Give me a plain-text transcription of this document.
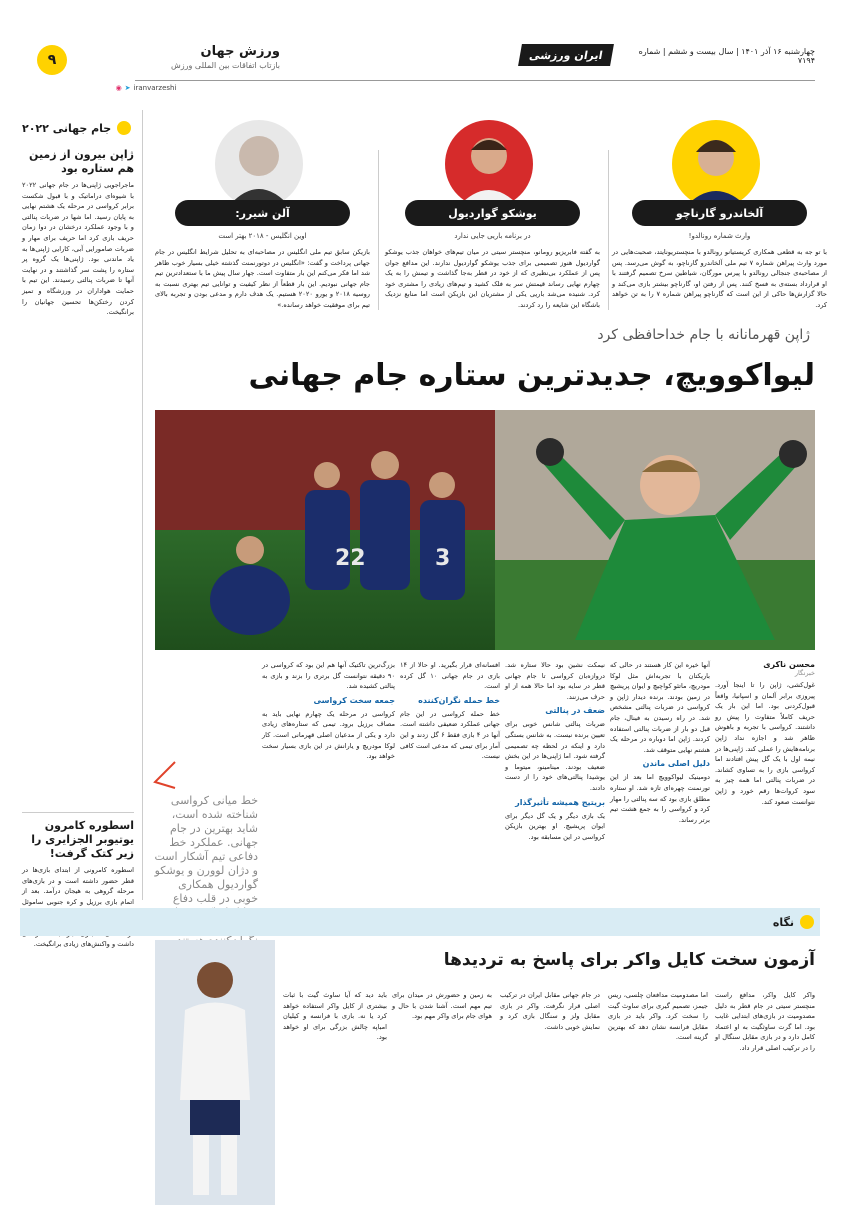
۹
ورزش جهان

بازتاب اتفاقات بین المللی ورزش

ایران ورزشی	چهارشنبه ۱۶ آذر ۱۴۰۱ | سال بیست و ششم | شماره ۷۱۹۴
◉ ➤ iranvarzeshi
آلن شیرر:
اوین انگلیس - ۲۰۱۸ بهتر است
بازیکن سابق تیم ملی انگلیس در مصاحبه‌ای به تحلیل شرایط انگلیس در جام جهانی پرداخت و گفت: «انگلیس در دوتورنمنت گذشته خیلی بسیار خوب ظاهر شد اما فکر می‌کنم این بار متفاوت است. جهار سال پیش ما با ستعدادترین تیم جام جهانی نبودیم. این بار قطعاً از نظر کیفیت و توانایی تیم بهتری نسبت به روسیه ۲۰۱۸ و یورو ۲۰۲۰ هستیم. یک هدف دارم و مدعی بودن و تجربه بالای تیم برای موفقیت خواهد رسانده.»
یوشکو گواردیول
در برنامه باریی جایی ندارد
به گفته فابریزیو رومانو، منچستر سیتی در میان تیم‌های خواهان جذب یوشکو گواردیول هنوز تصمیمی برای جذب یوشکو گواردیول ندارند. این مدافع جوان پس از عملکرد بی‌نظیری که از خود در قطر به‌جا گذاشت و تیمش را به یک چهارم نهایی رساند قیمتش سر به فلک کشید و تیم‌های زیادی را مشتری خود کرد. شنیده می‌شد باریی یکی از مشتریان این بازیکن است اما منابع نزدیک باشگاه این شایعه را رد کردند.
آلخاندرو گارناچو
وارث شماره رونالدو!
با تو جه به قطعی همکاری کریستیانو رونالدو با منچستریونایتد، صحبت‌هایی در مورد وارث پیراهن شماره ۷ تیم ملی آلخاندرو گارناچو، به گوش می‌رسد. پس از مصاحبه‌ی جنجالی رونالدو با پیرس مورگان، شیاطین سرخ تصمیم گرفتند با او قرارداد بسته‌ی به فسخ کنند. پس از رفتن او، گارناچو بیشتر بازی می‌کند و حالا گزارش‌ها حاکی از این است که گارناچو پیراهن شماره ۷ را به تن خواهد کرد.
ژاپن قهرمانانه با جام خداحافظی کرد
لیواکوویچ، جدیدترین ستاره جام جهانی
22	3
جام جهانی ۲۰۲۲
ژاپن بیرون از زمین هم ستاره بود
ماجراجویی ژاپنی‌ها در جام جهانی ۲۰۲۲ با شیوه‌ای دراماتیک و با قبول شکست برابر کرواسی در مرحله یک هشتم نهایی به پایان رسید. اما شها در ضربات پنالتی و با وجود عملکرد درخشان در دوا زمان حریف بازی کرد اما حریف برای مهار و ضربات صامورایی آبی، کارایی ژاپنی‌ها به یاد ماندنی بود. ژاپنی‌ها یک گروه پر ستاره را پشت سر گذاشتند و در نهایت آنها تا ضربات پنالتی رسیدند. این تیم با حمایت هواداران در ورزشگاه و تمیز کردن رختکن‌ها تحسین جهانیان را برانگیخت.
اسطوره کامرون یوتیوبر الجزایری را زیر کتک گرفت!
اسطوره کامرونی از ابتدای بازی‌ها در قطر حضور داشته است و در بازی‌های مرحله گروهی به هیجان درآمد. بعد از اتمام بازی برزیل و کره جنوبی ساموئل داشت و واکنش‌های زیادی برانگیخت.
محسن ناکری
خبرنگار
غول‌کشی، ژاپن را تا اینجا آورد. پیروزی برابر آلمان و اسپانیا، واقعاً قبول‌کردنی بود. اما این بار یک حریف کاملاً متفاوت را پیش رو داشتند. کرواسی با تجربه و باهوش ظاهر شد و اجازه نداد ژاپن برنامه‌هایش را عملی کند. ژاپنی‌ها در نیمه اول با یک گل پیش افتادند اما کرواسی بازی را به تساوی کشاند. در ضربات پنالتی اما همه چیز به سود کروات‌ها رقم خورد و ژاپن نتوانست صعود کند.
آنها خیره این کار هستند در حالی که باریکتان با تجربه‌اش مثل لوکا مودریچ، ماتئو کواچیچ و ایوان پریشیچ در زمین بودند. برنده دیدار ژاپن و کرواسی در ضربات پنالتی مشخص شد. در راه رسیدن به فینال، جام قبل دو بار از ضربات پنالتی استفاده کردند. ژاپن اما دوباره در مرحله یک هشتم نهایی متوقف شد.
دلیل اصلی ماندن
دومینیک لیواکوویچ اما بعد از این تورنمنت چهره‌ای تازه شد. او ستاره مطلق بازی بود که سه پنالتی را مهار کرد و کرواسی را به جمع هشت تیم برتر رساند.
نیمکت نشین بود حالا ستاره شد. دروازه‌بان کرواسی تا جام جهانی قطر در سایه بود اما حالا همه از او حرف می‌زنند.
ضعف در پنالتی
ضربات پنالتی شانس خوبی برای تعیین برنده نیست. به شانس بستگی دارد و اینکه در لحظه چه تصمیمی گرفته شود. اما ژاپنی‌ها در این بخش ضعیف بودند. مینامینو، میتوما و یوشیدا پنالتی‌های خود را از دست دادند.
بریتیج همیشه تأثیرگذار
یک بازی دیگر و یک گل دیگر برای ایوان پریشیچ. او بهترین بازیکن کرواسی در این مسابقه بود.
افسانه‌ای قرار بگیرید. او حالا از ۱۴ بازی در جام جهانی ۱۰ گل کرده است.
خط حمله نگران‌کننده
خط حمله کرواسی در این جام جهانی عملکرد ضعیفی داشته است. آنها در ۴ بازی فقط ۶ گل زدند و این آمار برای تیمی که مدعی است کافی نیست.
بزرگ‌ترین تاکتیک آنها هم این بود که کرواسی در ۹۰ دقیقه نتوانست گل برتری را بزند و بازی به پنالتی کشیده شد.
جمعه سخت کرواسی
کرواسی در مرحله یک چهارم نهایی باید به مصاف برزیل برود. تیمی که ستاره‌های زیادی دارد و یکی از مدعیان اصلی قهرمانی است. کار لوکا مودریچ و یارانش در این بازی بسیار سخت خواهد بود.
خط میانی کرواسی شناخته شده است، شاید بهترین در جام جهانی. عملکرد خط دفاعی تیم آشکار است و دژان لوورن و یوشکو گواردیول همکاری خوبی در قلب دفاع
نگاه
آزمون سخت کایل واکر برای پاسخ به تردیدها
واکر کایل واکر، مدافع راست منچستر سیتی در جام قطر به دلیل مصدومیت در بازی‌های ابتدایی غایب بود. اما گرت ساوثگیت به او اعتماد کامل دارد و در بازی مقابل سنگال او را در ترکیب اصلی قرار داد.
اما مصدومیت مدافعان چلسی، ریس جیمز، تصمیم گیری برای ساوث گیت را سخت کرد. واکر باید در بازی مقابل فرانسه نشان دهد که بهترین گزینه است.
در جام جهانی مقابل ایران در ترکیب اصلی قرار نگرفت. واکر در بازی مقابل ولز و سنگال بازی کرد و نمایش خوبی داشت.
به زمین و حضورش در میدان برای تیم مهم است. آشنا شدن با حال و هوای جام برای واکر مهم بود.
باید دید که آیا ساوث گیت با ثبات بیشتری از کایل واکر استفاده خواهد کرد یا نه. بازی با فرانسه و کیلیان امباپه چالش بزرگی برای او خواهد بود.
